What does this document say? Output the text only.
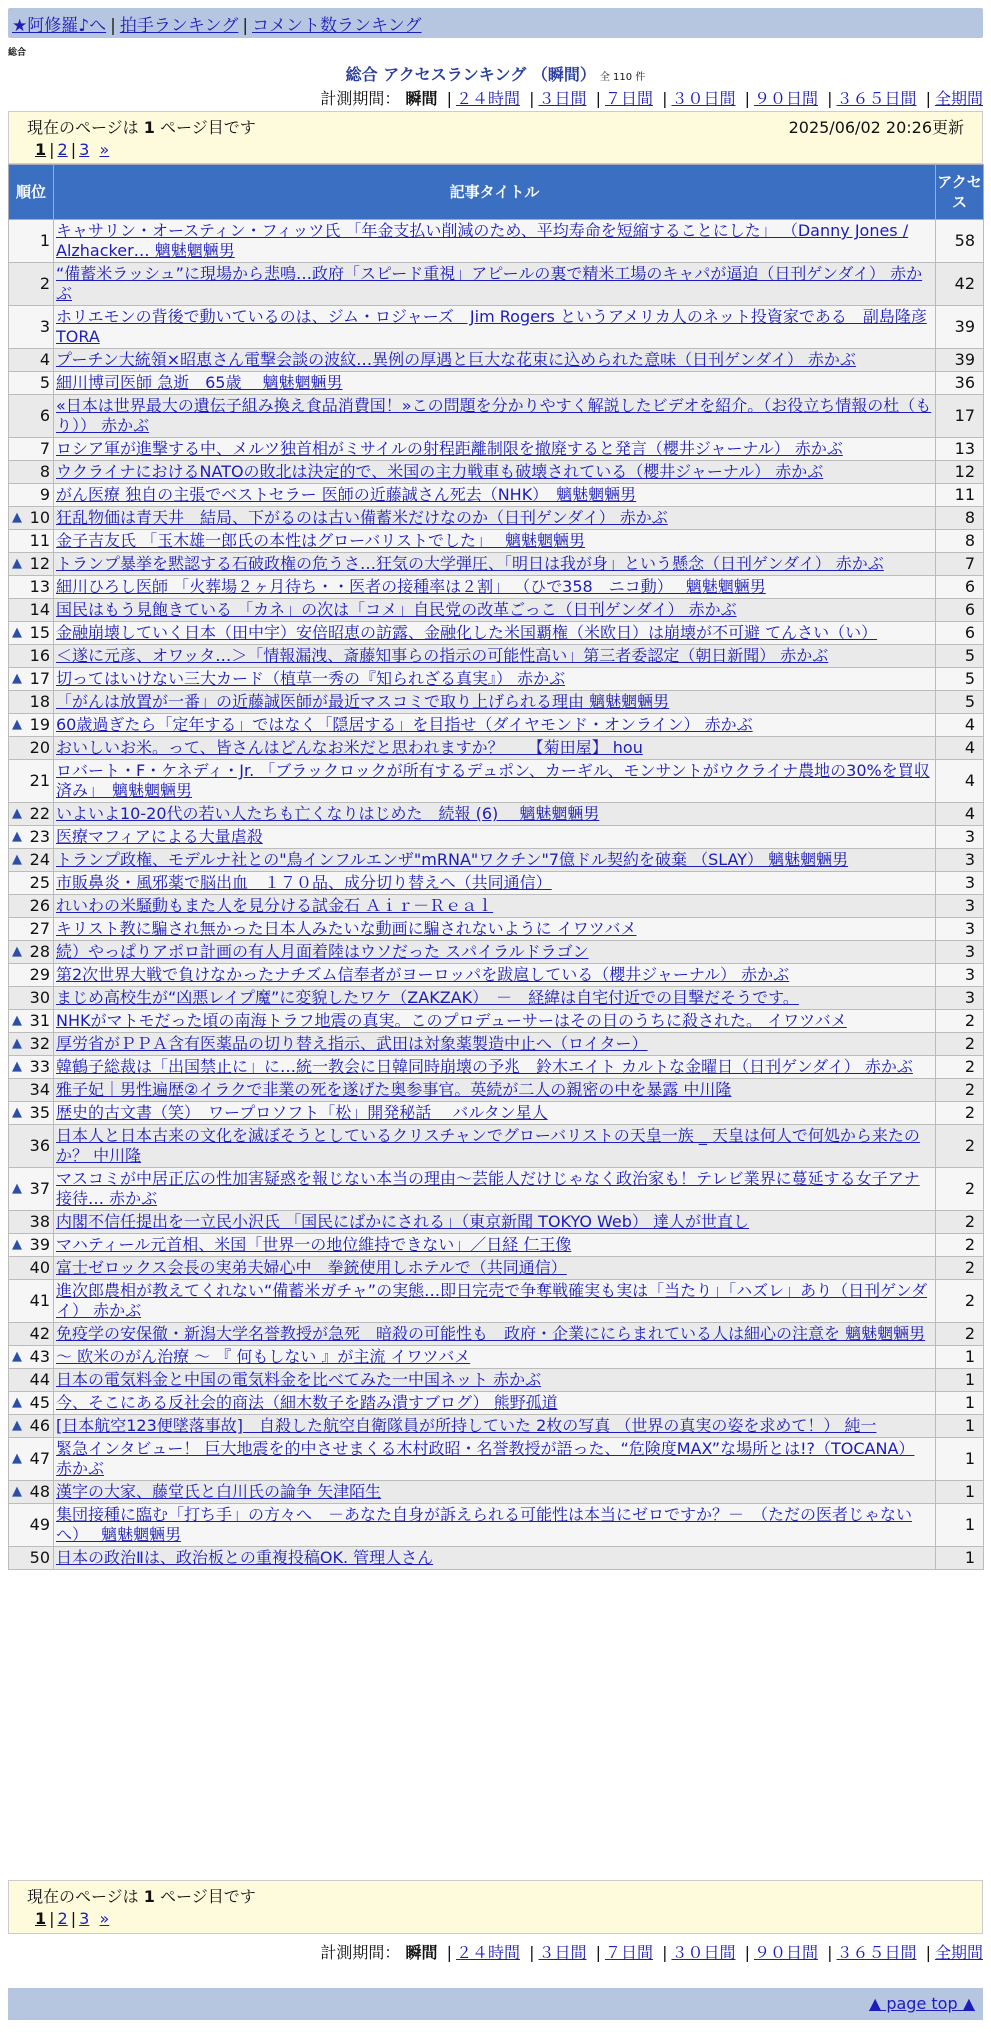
★阿修羅♪へ | 拍手ランキング | コメント数ランキング
総合
総合 アクセスランキング （瞬間） 全 110 件
計測期間： 瞬間 | ２４時間 | ３日間 | ７日間 | ３０日間 | ９０日間 | ３６５日間 | 全期間
現在のページは 1 ページ目です	2025/06/02 20:26更新
1 | 2 | 3 »
順位	記事タイトル	アクセス
1	キャサリン・オースティン・フィッツ氏 「年金支払い削減のため、平均寿命を短縮することにした」 （Danny Jones / Alzhacker… 魑魅魍魎男	58
2	“備蓄米ラッシュ”に現場から悲鳴…政府「スピード重視」アピールの裏で精米工場のキャパが逼迫（日刊ゲンダイ） 赤かぶ	42
3	ホリエモンの背後で動いているのは、ジム・ロジャーズ　Jim Rogers というアメリカ人のネット投資家である　副島隆彦 TORA	39
4	プーチン大統領×昭恵さん電撃会談の波紋…異例の厚遇と巨大な花束に込められた意味（日刊ゲンダイ） 赤かぶ	39
5	細川博司医師 急逝　65歳　 魑魅魍魎男	36
6	«日本は世界最大の遺伝子組み換え食品消費国！»この問題を分かりやすく解説したビデオを紹介。（お役立ち情報の杜（もり）） 赤かぶ	17
7	ロシア軍が進撃する中、メルツ独首相がミサイルの射程距離制限を撤廃すると発言（櫻井ジャーナル） 赤かぶ	13
8	ウクライナにおけるNATOの敗北は決定的で、米国の主力戦車も破壊されている（櫻井ジャーナル） 赤かぶ	12
9	がん医療 独自の主張でベストセラー 医師の近藤誠さん死去（NHK）　魑魅魍魎男	11

▲ 10	狂乱物価は青天井　結局、下がるのは古い備蓄米だけなのか（日刊ゲンダイ） 赤かぶ	8
11	金子吉友氏 「玉木雄一郎氏の本性はグローバリストでした」　 魑魅魍魎男	8

▲ 12	トランプ暴挙を黙認する石破政権の危うさ…狂気の大学弾圧、「明日は我が身」という懸念（日刊ゲンダイ） 赤かぶ	7
13	細川ひろし医師 「火葬場２ヶ月待ち・・医者の接種率は２割」 （ひで358　ニコ動）　 魑魅魍魎男	6
14	国民はもう見飽きている 「カネ」の次は「コメ」自民党の改革ごっこ（日刊ゲンダイ） 赤かぶ	6

▲ 15	金融崩壊していく日本（田中宇）安倍昭恵の訪露、金融化した米国覇権（米欧日）は崩壊が不可避 てんさい（い）	6
16	＜遂に元彦、オワッタ…＞「情報漏洩、斎藤知事らの指示の可能性高い」第三者委認定（朝日新聞） 赤かぶ	5

▲ 17	切ってはいけない三大カード（植草一秀の『知られざる真実』） 赤かぶ	5
18	「がんは放置が一番」の近藤誠医師が最近マスコミで取り上げられる理由 魑魅魍魎男	5

▲ 19	60歳過ぎたら「定年する」ではなく「隠居する」を目指せ（ダイヤモンド・オンライン） 赤かぶ	4
20	おいしいお米。って、皆さんはどんなお米だと思われますか？　　【菊田屋】 hou	4
21	ロバート・F・ケネディ・Jr. 「ブラックロックが所有するデュポン、カーギル、モンサントがウクライナ農地の30%を買収済み」　魑魅魍魎男	4

▲ 22	いよいよ10-20代の若い人たちも亡くなりはじめた　続報 (6)　 魑魅魍魎男	4

▲ 23	医療マフィアによる大量虐殺	3

▲ 24	トランプ政権、モデルナ社との"鳥インフルエンザ"mRNA"ワクチン"7億ドル契約を破棄 （SLAY） 魑魅魍魎男	3
25	市販鼻炎・風邪薬で脳出血　１７０品、成分切り替えへ（共同通信）	3
26	れいわの米騒動もまた人を見分ける試金石 Ａｉｒ－Ｒｅａｌ	3
27	キリスト教に騙され無かった日本人みたいな動画に騙されないように イワツバメ	3

▲ 28	続）やっぱりアポロ計画の有人月面着陸はウソだった スパイラルドラゴン	3
29	第2次世界大戦で負けなかったナチズム信奉者がヨーロッパを跋扈している（櫻井ジャーナル） 赤かぶ	3
30	まじめ高校生が“凶悪レイプ魔”に変貌したワケ（ZAKZAK）　－　経緯は自宅付近での目撃だそうです。	3

▲ 31	NHKがマトモだった頃の南海トラフ地震の真実。このプロデューサーはその日のうちに殺された。 イワツバメ	2

▲ 32	厚労省がＰＰＡ含有医薬品の切り替え指示、武田は対象薬製造中止へ（ロイター）	2

▲ 33	韓鶴子総裁は「出国禁止に」に…統一教会に日韓同時崩壊の予兆　鈴木エイト カルトな金曜日（日刊ゲンダイ） 赤かぶ	2
34	雅子妃｜男性遍歴②イラクで非業の死を遂げた奥参事官。英続が二人の親密の中を暴露 中川隆	2

▲ 35	歴史的古文書（笑）　ワープロソフト「松」開発秘話　 バルタン星人	2
36	日本人と日本古来の文化を滅ぼそうとしているクリスチャンでグローバリストの天皇一族 _ 天皇は何人で何処から来たのか？ 中川隆	2

▲ 37	マスコミが中居正広の性加害疑惑を報じない本当の理由〜芸能人だけじゃなく政治家も！テレビ業界に蔓延する女子アナ接待… 赤かぶ	2
38	内閣不信任提出を一立民小沢氏 「国民にばかにされる」（東京新聞 TOKYO Web） 達人が世直し	2

▲ 39	マハティール元首相、米国「世界一の地位維持できない」／日経 仁王像	2
40	富士ゼロックス会長の実弟夫婦心中　拳銃使用しホテルで（共同通信）	2
41	進次郎農相が教えてくれない“備蓄米ガチャ”の実態…即日完売で争奪戦確実も実は「当たり」「ハズレ」あり（日刊ゲンダイ） 赤かぶ	2
42	免疫学の安保徹・新潟大学名誉教授が急死　暗殺の可能性も　政府・企業ににらまれている人は細心の注意を 魑魅魍魎男	2

▲ 43	〜 欧米のがん治療 〜 『 何もしない 』が主流 イワツバメ	1
44	日本の電気料金と中国の電気料金を比べてみた一中国ネット 赤かぶ	1

▲ 45	今、そこにある反社会的商法（細木数子を踏み潰すブログ） 熊野孤道	1

▲ 46	[日本航空123便墜落事故]　自殺した航空自衛隊員が所持していた 2枚の写真 （世界の真実の姿を求めて！） 純一	1

▲ 47	緊急インタビュー！ 巨大地震を的中させまくる木村政昭・名誉教授が語った、“危険度MAX”な場所とは!?（TOCANA） 赤かぶ	1

▲ 48	漢字の大家、藤堂氏と白川氏の論争 矢津陌生	1
49	集団接種に臨む「打ち手」の方々へ　－あなた自身が訴えられる可能性は本当にゼロですか？－　（ただの医者じゃないへ）　 魑魅魍魎男	1
50	日本の政治Ⅱは、政治板との重複投稿OK. 管理人さん	1
現在のページは 1 ページ目です
1 | 2 | 3 »
計測期間： 瞬間 | ２４時間 | ３日間 | ７日間 | ３０日間 | ９０日間 | ３６５日間 | 全期間
▲ page top ▲
